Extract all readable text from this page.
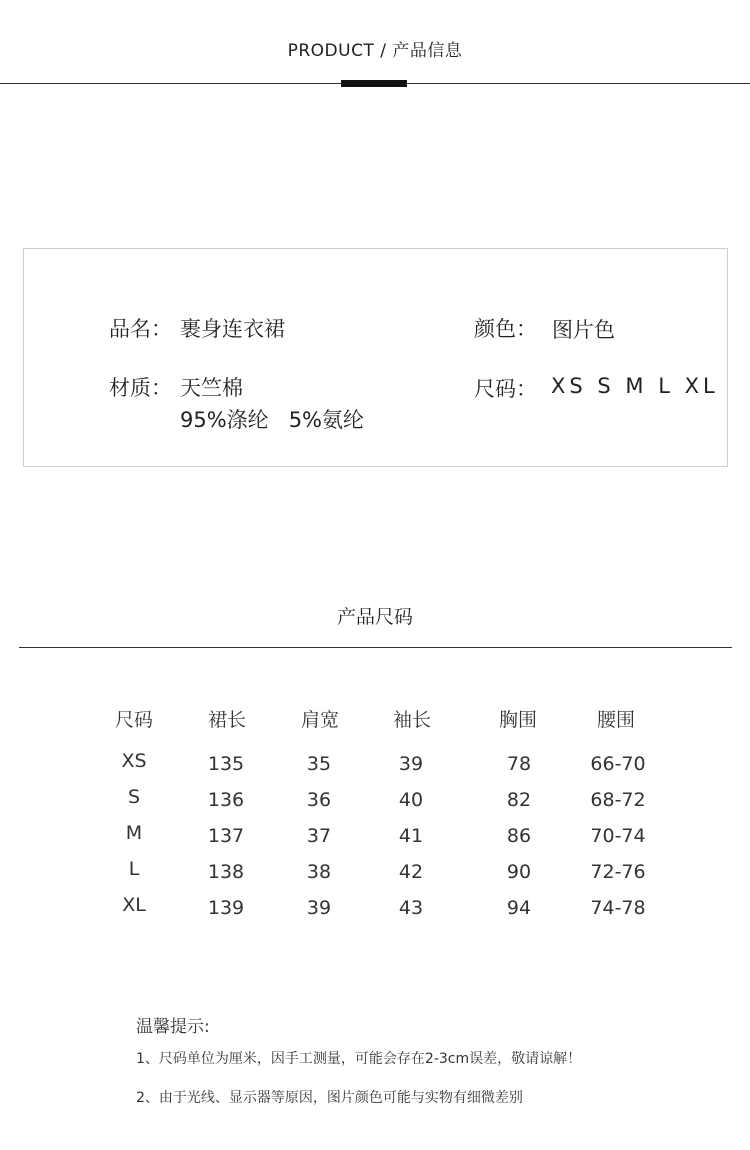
PRODUCT / 产品信息
品名： 裹身连衣裙	颜色： 图片色
材质： 天竺棉
95%涤纶   5%氨纶
尺码： XS S M L XL
产品尺码
尺码	裙长	肩宽	袖长	胸围	腰围
XS	135	35	39	78	66-70
S	136	36	40	82	68-72
M	137	37	41	86	70-74
L	138	38	42	90	72-76
XL	139	39	43	94	74-78
温馨提示:
1、尺码单位为厘米，因手工测量，可能会存在2-3cm误差，敬请谅解！
2、由于光线、显示器等原因，图片颜色可能与实物有细微差别
